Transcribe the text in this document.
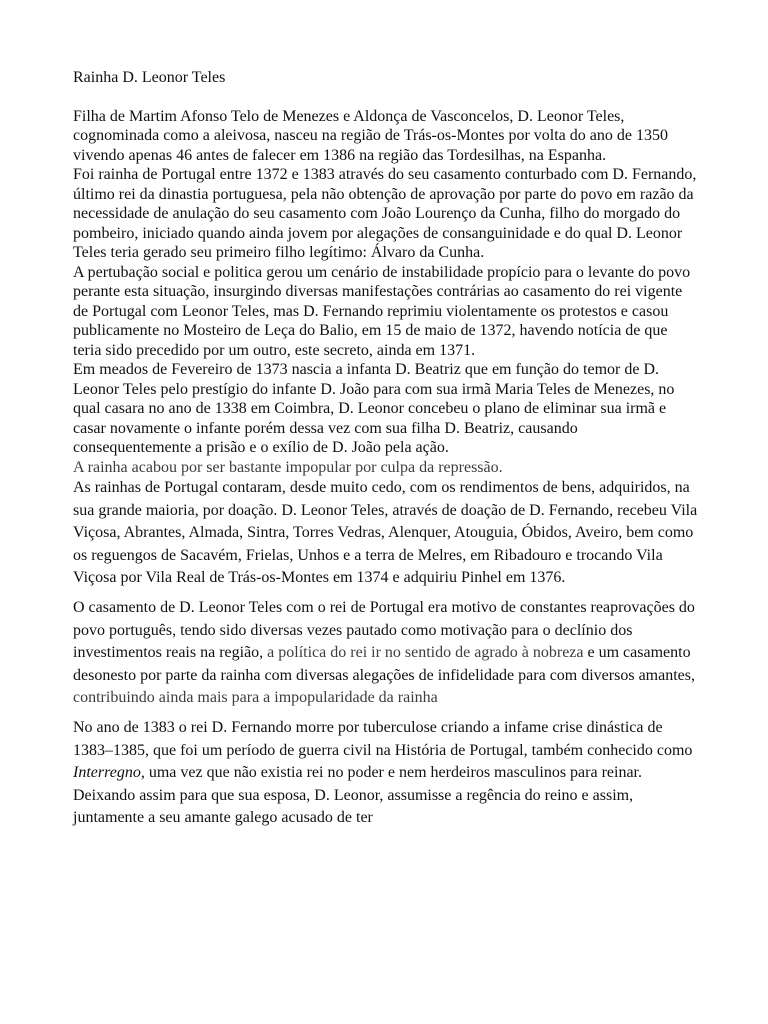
Rainha D. Leonor Teles

Filha de Martim Afonso Telo de Menezes e Aldonça de Vasconcelos, D. Leonor Teles, cognominada como a aleivosa, nasceu na região de Trás-os-Montes por volta do ano de 1350 vivendo apenas 46 antes de falecer em 1386 na região das Tordesilhas, na Espanha.

Foi rainha de Portugal entre 1372 e 1383 através do seu casamento conturbado com D. Fernando, último rei da dinastia portuguesa, pela não obtenção de aprovação por parte do povo em razão da necessidade de anulação do seu casamento com João Lourenço da Cunha, filho do morgado do pombeiro, iniciado quando ainda jovem por alegações de consanguinidade e do qual D. Leonor Teles teria gerado seu primeiro filho legítimo: Álvaro da Cunha.

A pertubação social e politica gerou um cenário de instabilidade propício para o levante do povo perante esta situação, insurgindo diversas manifestações contrárias ao casamento do rei vigente de Portugal com Leonor Teles, mas D. Fernando reprimiu violentamente os protestos e casou publicamente no Mosteiro de Leça do Balio, em 15 de maio de 1372, havendo notícia de que teria sido precedido por um outro, este secreto, ainda em 1371.

Em meados de Fevereiro de 1373 nascia a infanta D. Beatriz que em função do temor de D. Leonor Teles pelo prestígio do infante D. João para com sua irmã Maria Teles de Menezes, no qual casara no ano de 1338 em Coimbra, D. Leonor concebeu o plano de eliminar sua irmã e casar novamente o infante porém dessa vez com sua filha D. Beatriz, causando consequentemente a prisão e o exílio de D. João pela ação.

A rainha acabou por ser bastante impopular por culpa da repressão.

As rainhas de Portugal contaram, desde muito cedo, com os rendimentos de bens, adquiridos, na sua grande maioria, por doação. D. Leonor Teles, através de doação de D. Fernando, recebeu Vila Viçosa, Abrantes, Almada, Sintra, Torres Vedras, Alenquer, Atouguia, Óbidos, Aveiro, bem como os reguengos de Sacavém, Frielas, Unhos e a terra de Melres, em Ribadouro e trocando Vila Viçosa por Vila Real de Trás-os-Montes em 1374 e adquiriu Pinhel em 1376.

O casamento de D. Leonor Teles com o rei de Portugal era motivo de constantes reaprovações do povo português, tendo sido diversas vezes pautado como motivação para o declínio dos investimentos reais na região, a política do rei ir no sentido de agrado à nobreza e um casamento desonesto por parte da rainha com diversas alegações de infidelidade para com diversos amantes, contribuindo ainda mais para a impopularidade da rainha

No ano de 1383 o rei D. Fernando morre por tuberculose criando a infame crise dinástica de 1383–1385, que foi um período de guerra civil na História de Portugal, também conhecido como Interregno, uma vez que não existia rei no poder e nem herdeiros masculinos para reinar. Deixando assim para que sua esposa, D. Leonor, assumisse a regência do reino e assim, juntamente a seu amante galego acusado de ter
